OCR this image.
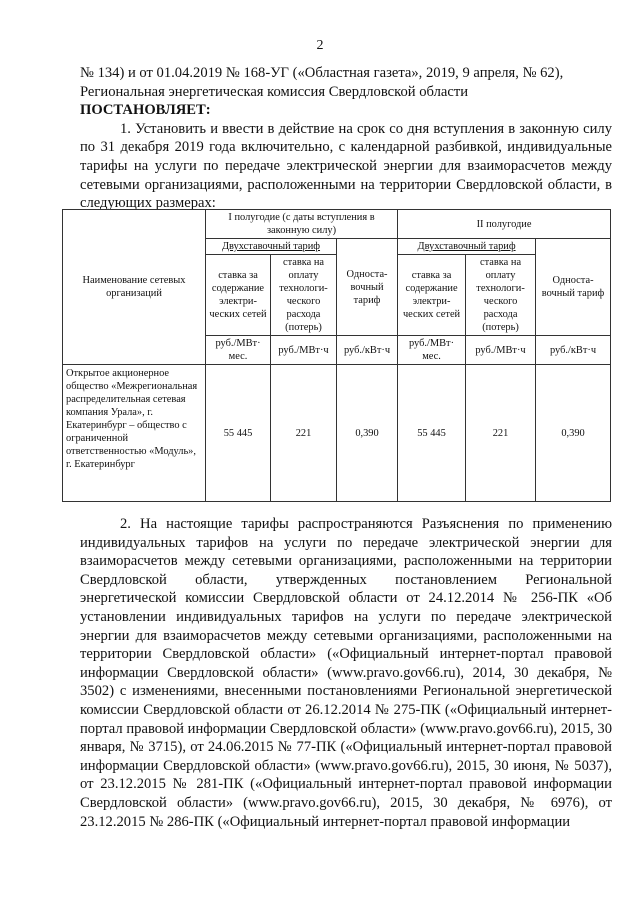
2

№ 134) и от 01.04.2019 № 168-УГ («Областная газета», 2019, 9 апреля, № 62),

Региональная энергетическая комиссия Свердловской области

ПОСТАНОВЛЯЕТ:

1. Установить и ввести в действие на срок со дня вступления в законную силу по 31 декабря 2019 года включительно, с календарной разбивкой, индивидуальные тарифы на услуги по передаче электрической энергии для взаиморасчетов между сетевыми организациями, расположенными на территории Свердловской области, в следующих размерах:

Наименование сетевых организаций	I полугодие (с даты вступления в законную силу)			II полугодие		
	Двухставочный тариф		Односта- вочный тариф	Двухставочный тариф		Односта- вочный тариф
	ставка за содержание электри- ческих сетей	ставка на оплату технологи- ческого расхода (потерь)		ставка за содержание электри- ческих сетей	ставка на оплату технологи- ческого расхода (потерь)	
	руб./МВт· мес.	руб./МВт·ч	руб./кВт·ч	руб./МВт· мес.	руб./МВт·ч	руб./кВт·ч
Открытое акционерное общество «Межрегиональная распределительная сетевая компания Урала», г. Екатеринбург – общество с ограниченной ответственностью «Модуль», г. Екатеринбург	55 445	221	0,390	55 445	221	0,390

2. На настоящие тарифы распространяются Разъяснения по применению индивидуальных тарифов на услуги по передаче электрической энергии для взаиморасчетов между сетевыми организациями, расположенными на территории Свердловской области, утвержденных постановлением Региональной энергетической комиссии Свердловской области от 24.12.2014 № 256-ПК «Об установлении индивидуальных тарифов на услуги по передаче электрической энергии для взаиморасчетов между сетевыми организациями, расположенными на территории Свердловской области» («Официальный интернет-портал правовой информации Свердловской области» (www.pravo.gov66.ru), 2014, 30 декабря, № 3502) с изменениями, внесенными постановлениями Региональной энергетической комиссии Свердловской области от 26.12.2014 № 275-ПК («Официальный интернет-портал правовой информации Свердловской области» (www.pravo.gov66.ru), 2015, 30 января, № 3715), от 24.06.2015 № 77-ПК («Официальный интернет-портал правовой информации Свердловской области» (www.pravo.gov66.ru), 2015, 30 июня, № 5037), от 23.12.2015 № 281-ПК («Официальный интернет-портал правовой информации Свердловской области» (www.pravo.gov66.ru), 2015, 30 декабря, № 6976), от 23.12.2015 № 286-ПК («Официальный интернет-портал правовой информации
